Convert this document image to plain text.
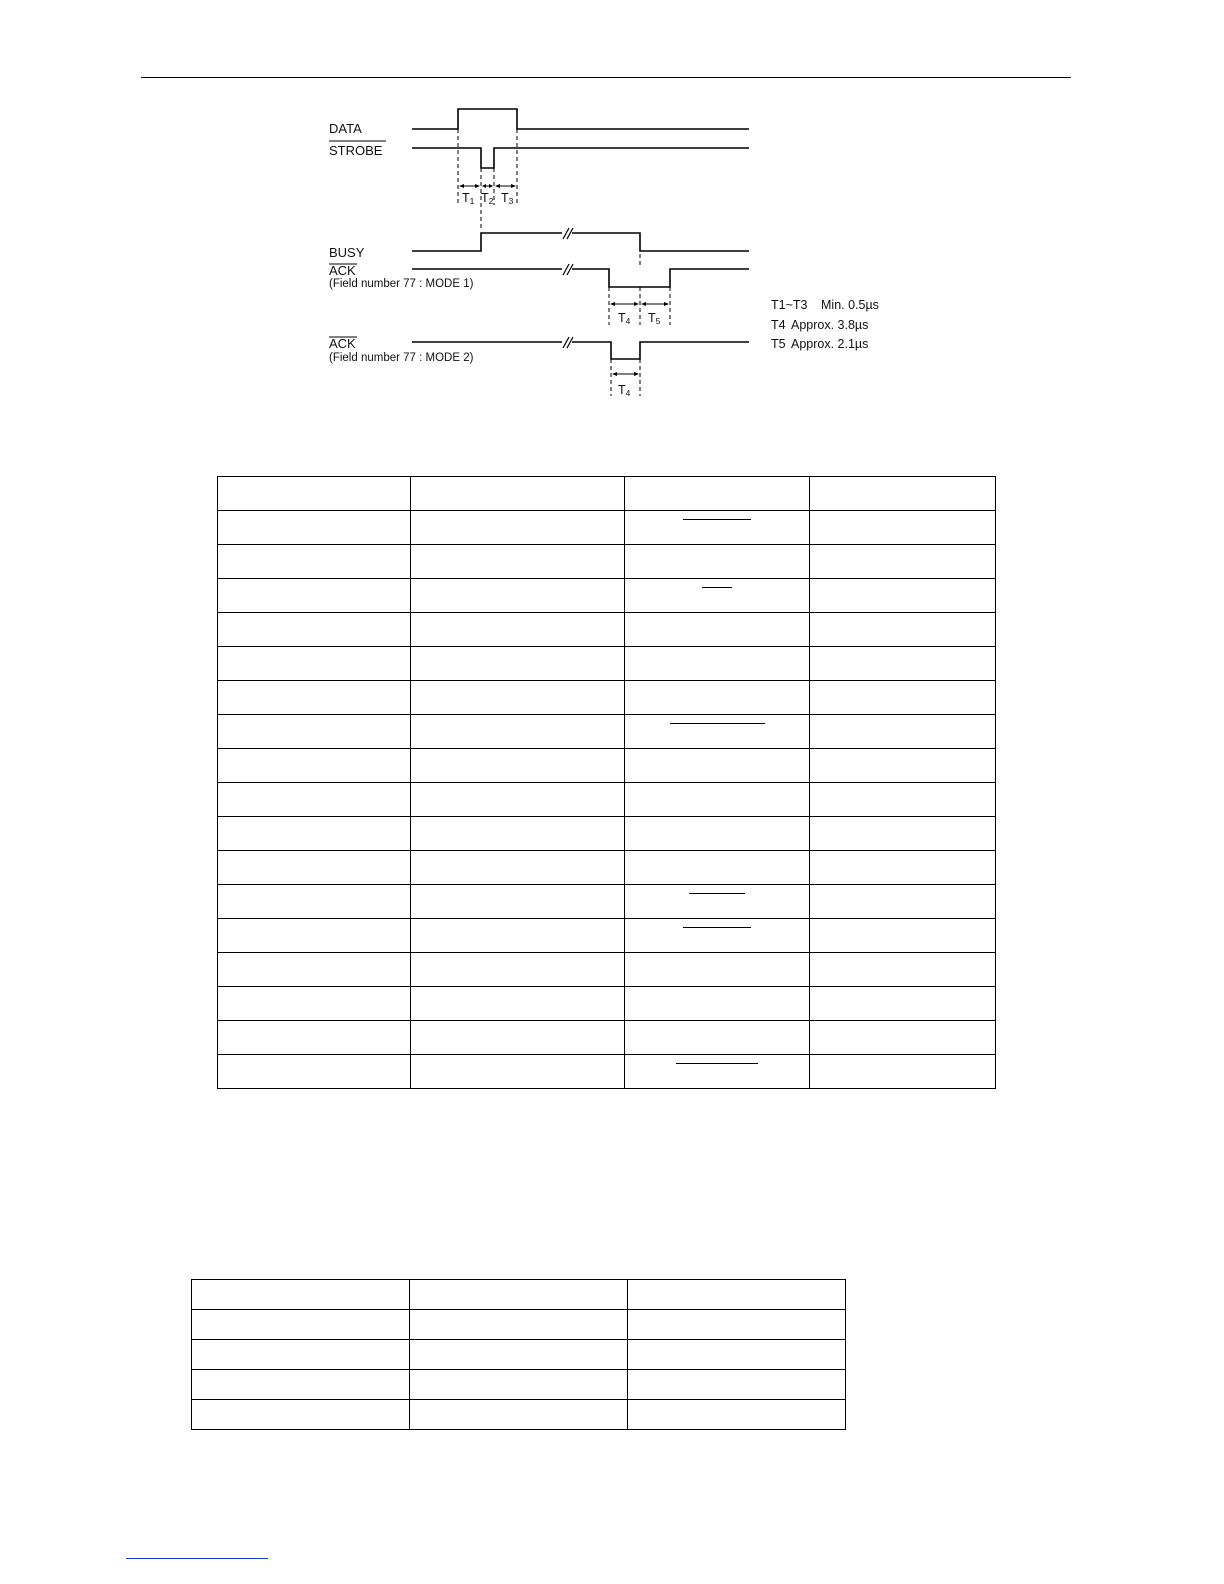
DATA
STROBE
BUSY
ACK
ACK
(Field number 77 : MODE 1)
(Field number 77 : MODE 2)
T1 T2 T3
T4 T5
T4
T1~T3 Min. 0.5µs
T4 Approx. 3.8µs
T5 Approx. 2.1µs
